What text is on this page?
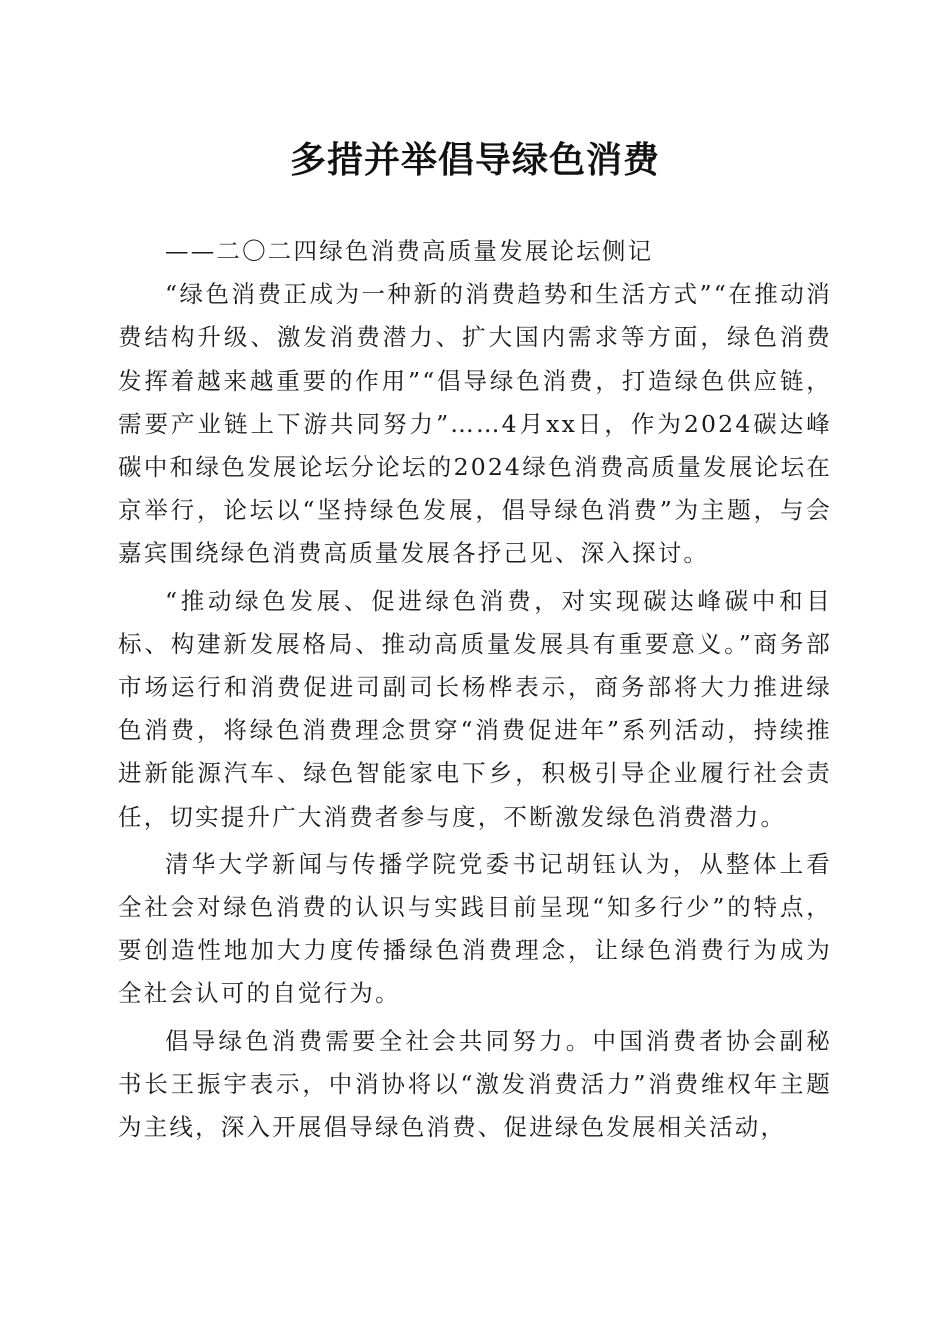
多措并举倡导绿色消费

——二〇二四绿色消费高质量发展论坛侧记

“绿色消费正成为一种新的消费趋势和生活方式”“在推动消费结构升级、激发消费潜力、扩大国内需求等方面，绿色消费发挥着越来越重要的作用”“倡导绿色消费，打造绿色供应链，需要产业链上下游共同努力”……4月xx日，作为2024碳达峰碳中和绿色发展论坛分论坛的2024绿色消费高质量发展论坛在京举行，论坛以“坚持绿色发展，倡导绿色消费”为主题，与会嘉宾围绕绿色消费高质量发展各抒己见、深入探讨。

“推动绿色发展、促进绿色消费，对实现碳达峰碳中和目标、构建新发展格局、推动高质量发展具有重要意义。”商务部市场运行和消费促进司副司长杨桦表示，商务部将大力推进绿色消费，将绿色消费理念贯穿“消费促进年”系列活动，持续推进新能源汽车、绿色智能家电下乡，积极引导企业履行社会责任，切实提升广大消费者参与度，不断激发绿色消费潜力。

清华大学新闻与传播学院党委书记胡钰认为，从整体上看全社会对绿色消费的认识与实践目前呈现“知多行少”的特点，要创造性地加大力度传播绿色消费理念，让绿色消费行为成为全社会认可的自觉行为。

倡导绿色消费需要全社会共同努力。中国消费者协会副秘书长王振宇表示，中消协将以“激发消费活力”消费维权年主题为主线，深入开展倡导绿色消费、促进绿色发展相关活动，
